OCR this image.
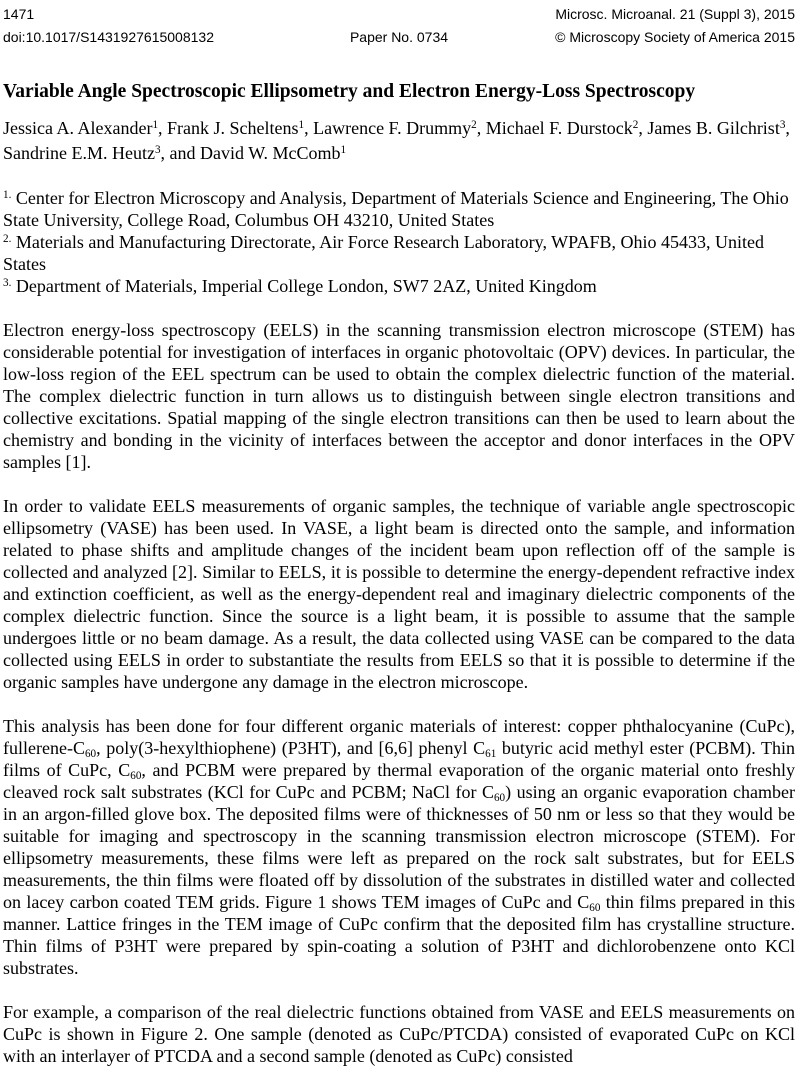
1471
doi:10.1017/S1431927615008132	Paper No. 0734
Microsc. Microanal. 21 (Suppl 3), 2015
© Microscopy Society of America 2015
Variable Angle Spectroscopic Ellipsometry and Electron Energy-Loss Spectroscopy
Jessica A. Alexander$^1$, Frank J. Scheltens$^1$, Lawrence F. Drummy$^2$, Michael F. Durstock$^2$, James B. Gilchrist$^3$, Sandrine E.M. Heutz$^3$, and David W. McComb$^1$
$^{1.}$ Center for Electron Microscopy and Analysis, Department of Materials Science and Engineering, The Ohio State University, College Road, Columbus OH 43210, United States
$^{2.}$ Materials and Manufacturing Directorate, Air Force Research Laboratory, WPAFB, Ohio 45433, United States
$^{3.}$ Department of Materials, Imperial College London, SW7 2AZ, United Kingdom

Electron energy-loss spectroscopy (EELS) in the scanning transmission electron microscope (STEM) has considerable potential for investigation of interfaces in organic photovoltaic (OPV) devices. In particular, the low-loss region of the EEL spectrum can be used to obtain the complex dielectric function of the material. The complex dielectric function in turn allows us to distinguish between single electron transitions and collective excitations. Spatial mapping of the single electron transitions can then be used to learn about the chemistry and bonding in the vicinity of interfaces between the acceptor and donor interfaces in the OPV samples [1].

In order to validate EELS measurements of organic samples, the technique of variable angle spectroscopic ellipsometry (VASE) has been used. In VASE, a light beam is directed onto the sample, and information related to phase shifts and amplitude changes of the incident beam upon reflection off of the sample is collected and analyzed [2]. Similar to EELS, it is possible to determine the energy-dependent refractive index and extinction coefficient, as well as the energy-dependent real and imaginary dielectric components of the complex dielectric function. Since the source is a light beam, it is possible to assume that the sample undergoes little or no beam damage. As a result, the data collected using VASE can be compared to the data collected using EELS in order to substantiate the results from EELS so that it is possible to determine if the organic samples have undergone any damage in the electron microscope.

This analysis has been done for four different organic materials of interest: copper phthalocyanine (CuPc), fullerene-$C_{60}$, poly(3-hexylthiophene) (P3HT), and [6,6] phenyl $C_{61}$ butyric acid methyl ester (PCBM). Thin films of CuPc, $C_{60}$, and PCBM were prepared by thermal evaporation of the organic material onto freshly cleaved rock salt substrates (KCl for CuPc and PCBM; NaCl for $C_{60}$) using an organic evaporation chamber in an argon-filled glove box. The deposited films were of thicknesses of 50 nm or less so that they would be suitable for imaging and spectroscopy in the scanning transmission electron microscope (STEM). For ellipsometry measurements, these films were left as prepared on the rock salt substrates, but for EELS measurements, the thin films were floated off by dissolution of the substrates in distilled water and collected on lacey carbon coated TEM grids. Figure 1 shows TEM images of CuPc and $C_{60}$ thin films prepared in this manner. Lattice fringes in the TEM image of CuPc confirm that the deposited film has crystalline structure. Thin films of P3HT were prepared by spin-coating a solution of P3HT and dichlorobenzene onto KCl substrates.

For example, a comparison of the real dielectric functions obtained from VASE and EELS measurements on CuPc is shown in Figure 2. One sample (denoted as CuPc/PTCDA) consisted of evaporated CuPc on KCl with an interlayer of PTCDA and a second sample (denoted as CuPc) consisted
